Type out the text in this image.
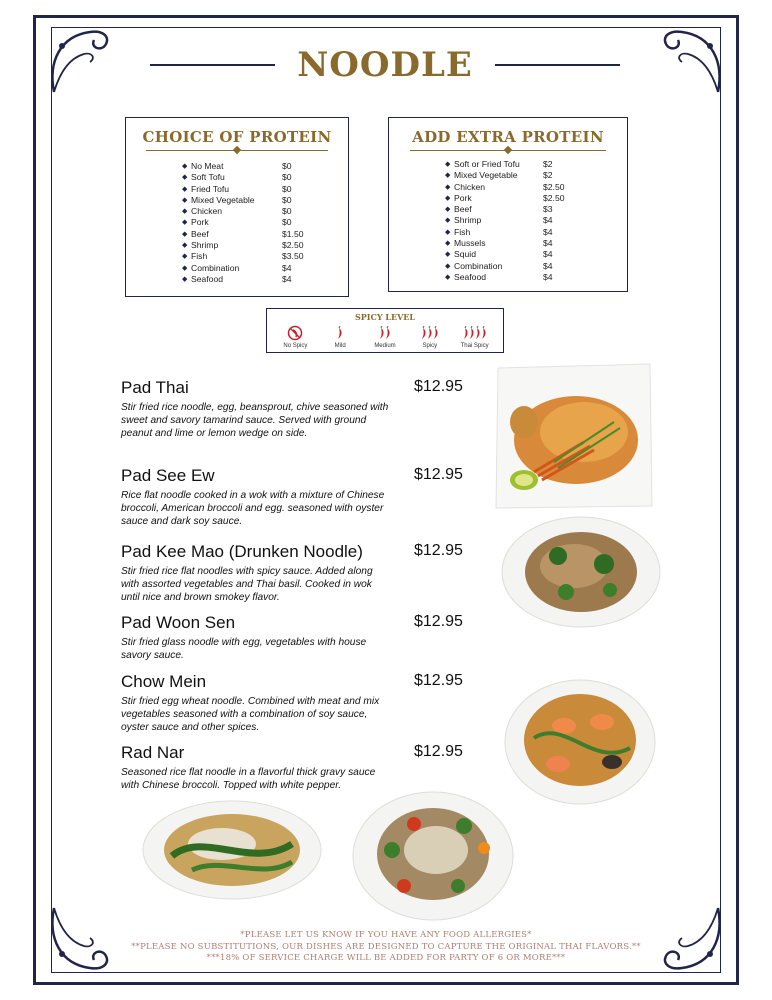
NOODLE
CHOICE OF PROTEIN
◆ No Meat	$0
◆ Soft Tofu	$0
◆ Fried Tofu	$0
◆ Mixed Vegetable	$0
◆ Chicken	$0
◆ Pork	$0
◆ Beef	$1.50
◆ Shrimp	$2.50
◆ Fish	$3.50
◆ Combination	$4
◆ Seafood	$4
ADD EXTRA PROTEIN
◆ Soft or Fried Tofu	$2
◆ Mixed Vegetable	$2
◆ Chicken	$2.50
◆ Pork	$2.50
◆ Beef	$3
◆ Shrimp	$4
◆ Fish	$4
◆ Mussels	$4
◆ Squid	$4
◆ Combination	$4
◆ Seafood	$4
SPICY LEVEL
No Spicy	Mild	Medium	Spicy	Thai Spicy
Pad Thai	$12.95
Stir fried rice noodle, egg, beansprout, chive seasoned with sweet and savory tamarind sauce. Served with ground peanut and lime or lemon wedge on side.
Pad See Ew	$12.95
Rice flat noodle cooked in a wok with a mixture of Chinese broccoli, American broccoli and egg. seasoned with oyster sauce and dark soy sauce.
Pad Kee Mao (Drunken Noodle)	$12.95
Stir fried rice flat noodles with spicy sauce. Added along with assorted vegetables and Thai basil. Cooked in wok until nice and brown smokey flavor.
Pad Woon Sen	$12.95
Stir fried glass noodle with egg, vegetables with house savory sauce.
Chow Mein	$12.95
Stir fried egg wheat noodle. Combined with meat and mix vegetables seasoned with a combination of soy sauce, oyster sauce and other spices.
Rad Nar	$12.95
Seasoned rice flat noodle in a flavorful thick gravy sauce with Chinese broccoli. Topped with white pepper.
*PLEASE LET US KNOW IF YOU HAVE ANY FOOD ALLERGIES*
**PLEASE NO SUBSTITUTIONS, OUR DISHES ARE DESIGNED TO CAPTURE THE ORIGINAL THAI FLAVORS.**
***18% OF SERVICE CHARGE WILL BE ADDED FOR PARTY OF 6 OR MORE***
